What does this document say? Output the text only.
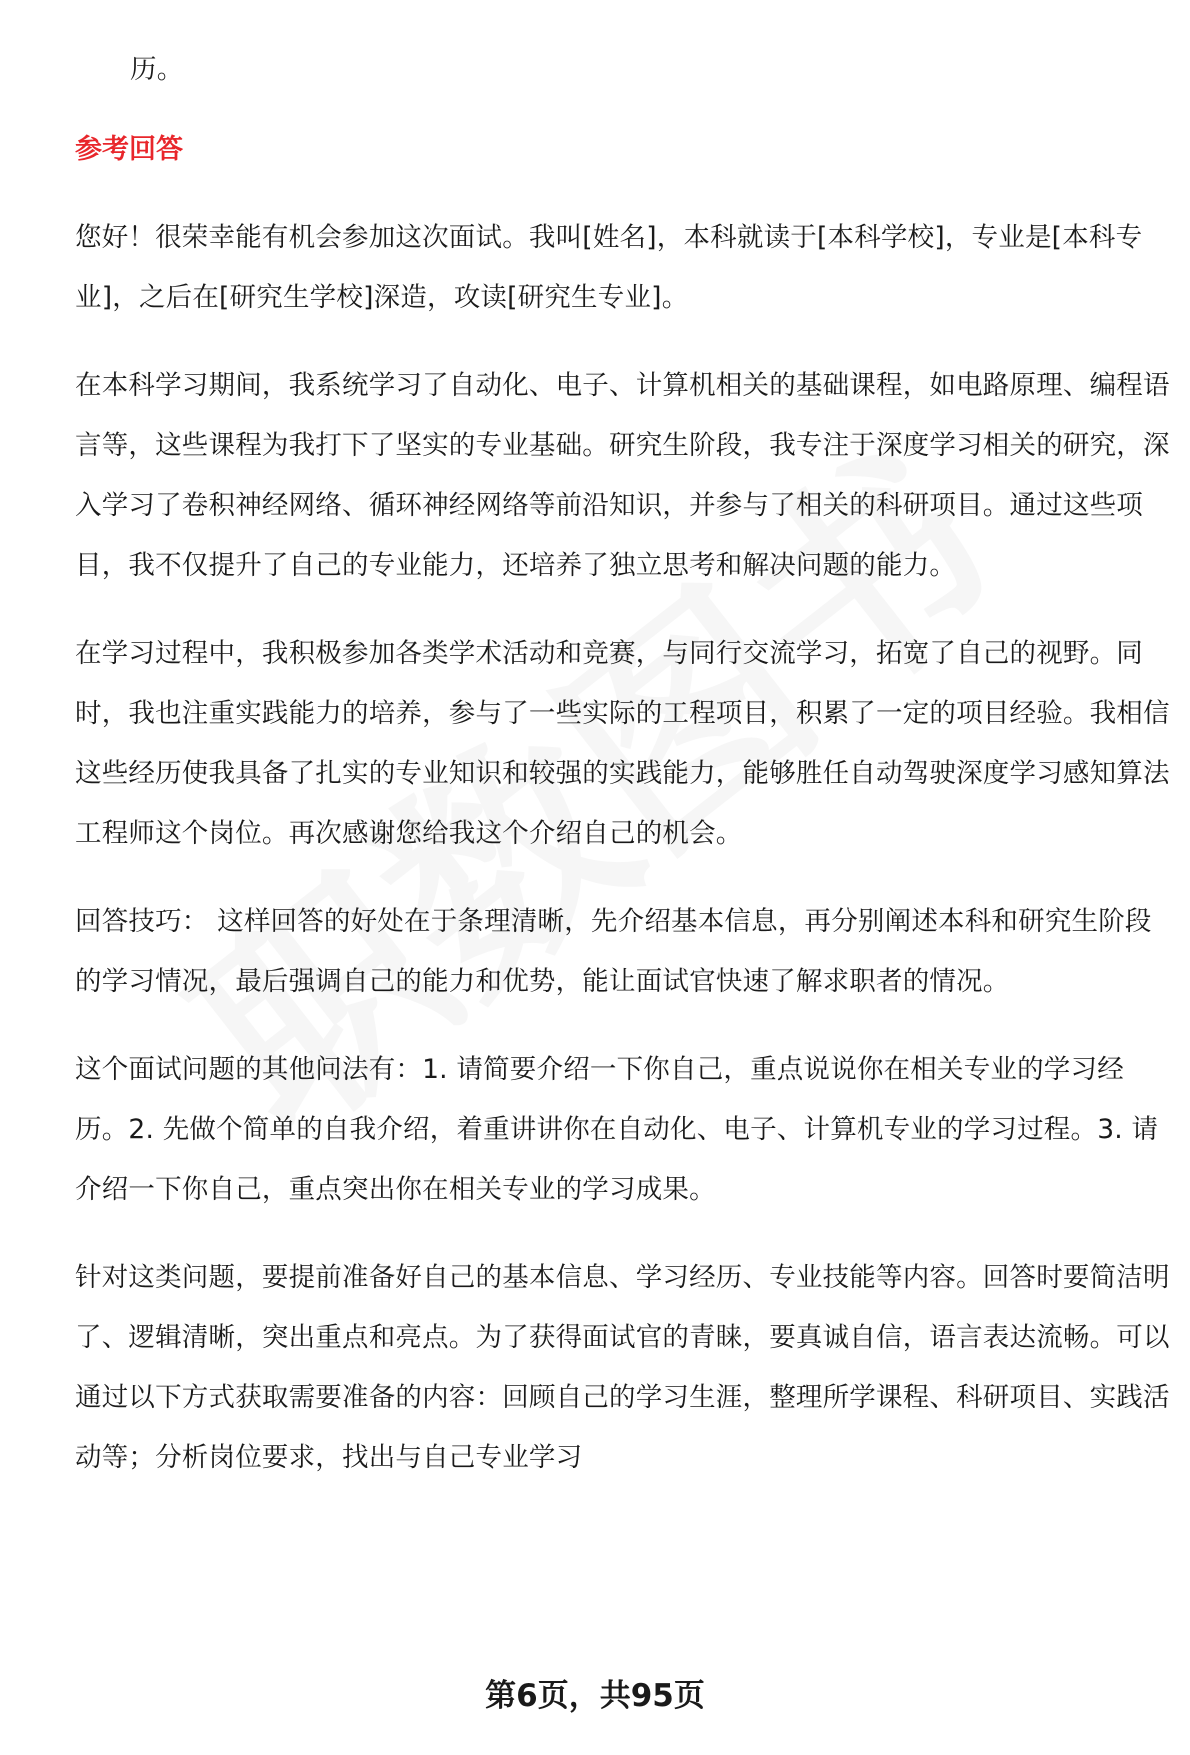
历。

参考回答

您好！很荣幸能有机会参加这次面试。我叫[姓名]，本科就读于[本科学校]，专业是[本科专业]，之后在[研究生学校]深造，攻读[研究生专业]。

在本科学习期间，我系统学习了自动化、电子、计算机相关的基础课程，如电路原理、编程语言等，这些课程为我打下了坚实的专业基础。研究生阶段，我专注于深度学习相关的研究，深入学习了卷积神经网络、循环神经网络等前沿知识，并参与了相关的科研项目。通过这些项目，我不仅提升了自己的专业能力，还培养了独立思考和解决问题的能力。

在学习过程中，我积极参加各类学术活动和竞赛，与同行交流学习，拓宽了自己的视野。同时，我也注重实践能力的培养，参与了一些实际的工程项目，积累了一定的项目经验。我相信这些经历使我具备了扎实的专业知识和较强的实践能力，能够胜任自动驾驶深度学习感知算法工程师这个岗位。再次感谢您给我这个介绍自己的机会。

回答技巧： 这样回答的好处在于条理清晰，先介绍基本信息，再分别阐述本科和研究生阶段的学习情况，最后强调自己的能力和优势，能让面试官快速了解求职者的情况。

这个面试问题的其他问法有：1. 请简要介绍一下你自己，重点说说你在相关专业的学习经历。2. 先做个简单的自我介绍，着重讲讲你在自动化、电子、计算机专业的学习过程。3. 请介绍一下你自己，重点突出你在相关专业的学习成果。

针对这类问题，要提前准备好自己的基本信息、学习经历、专业技能等内容。回答时要简洁明了、逻辑清晰，突出重点和亮点。为了获得面试官的青睐，要真诚自信，语言表达流畅。可以通过以下方式获取需要准备的内容：回顾自己的学习生涯，整理所学课程、科研项目、实践活动等；分析岗位要求，找出与自己专业学习

第6页，共95页
